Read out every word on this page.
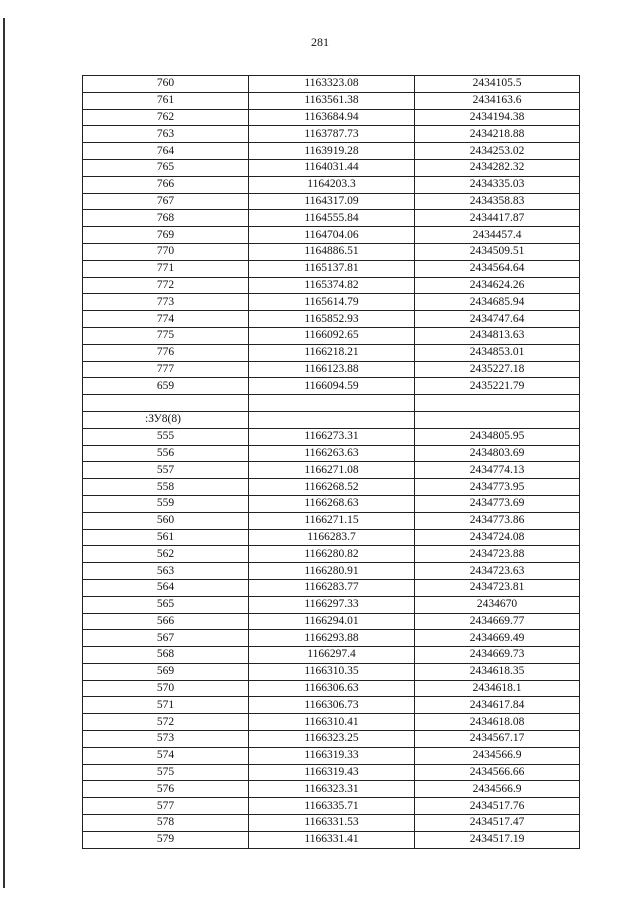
281
760	1163323.08	2434105.5
761	1163561.38	2434163.6
762	1163684.94	2434194.38
763	1163787.73	2434218.88
764	1163919.28	2434253.02
765	1164031.44	2434282.32
766	1164203.3	2434335.03
767	1164317.09	2434358.83
768	1164555.84	2434417.87
769	1164704.06	2434457.4
770	1164886.51	2434509.51
771	1165137.81	2434564.64
772	1165374.82	2434624.26
773	1165614.79	2434685.94
774	1165852.93	2434747.64
775	1166092.65	2434813.63
776	1166218.21	2434853.01
777	1166123.88	2435227.18
659	1166094.59	2435221.79

:ЗУ8(8)		
555	1166273.31	2434805.95
556	1166263.63	2434803.69
557	1166271.08	2434774.13
558	1166268.52	2434773.95
559	1166268.63	2434773.69
560	1166271.15	2434773.86
561	1166283.7	2434724.08
562	1166280.82	2434723.88
563	1166280.91	2434723.63
564	1166283.77	2434723.81
565	1166297.33	2434670
566	1166294.01	2434669.77
567	1166293.88	2434669.49
568	1166297.4	2434669.73
569	1166310.35	2434618.35
570	1166306.63	2434618.1
571	1166306.73	2434617.84
572	1166310.41	2434618.08
573	1166323.25	2434567.17
574	1166319.33	2434566.9
575	1166319.43	2434566.66
576	1166323.31	2434566.9
577	1166335.71	2434517.76
578	1166331.53	2434517.47
579	1166331.41	2434517.19
